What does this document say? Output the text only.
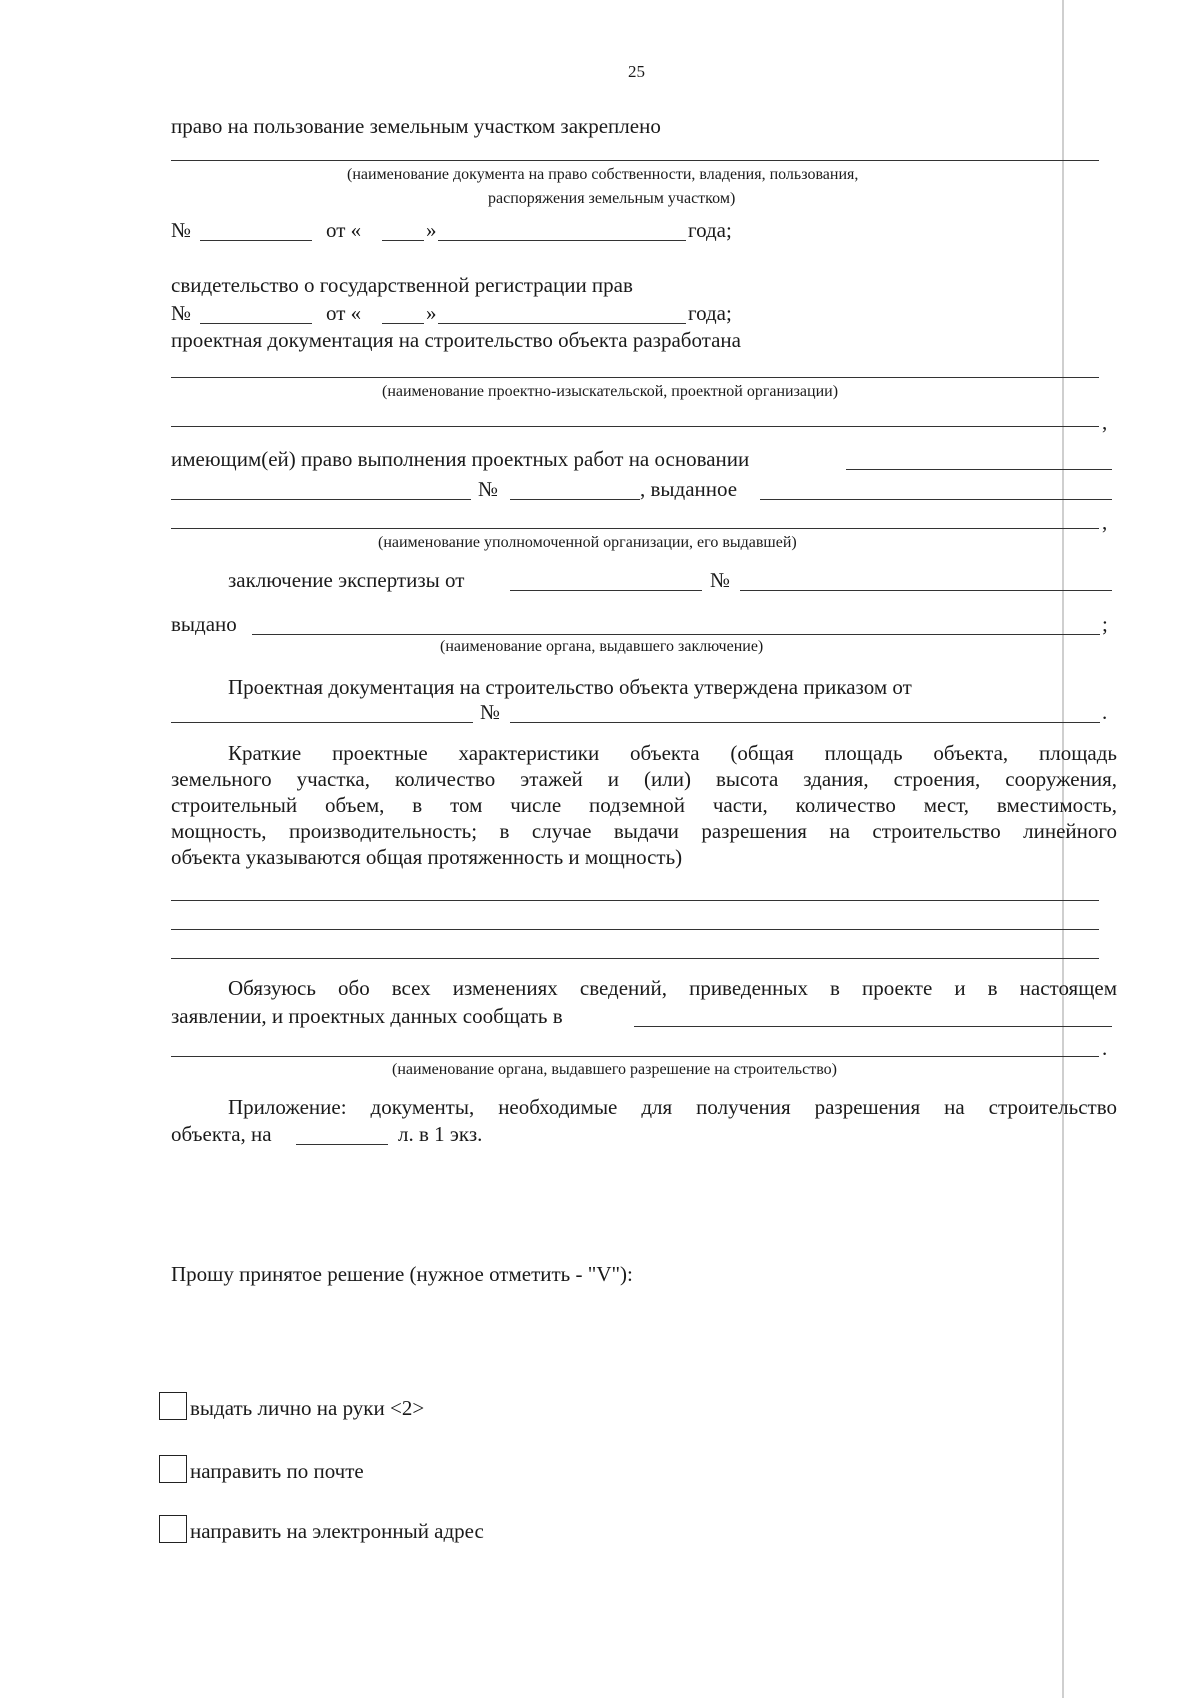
25
право на пользование земельным участком закреплено
(наименование документа на право собственности, владения, пользования,
распоряжения земельным участком)
№	от «	»	года;
свидетельство о государственной регистрации прав
№	от «	»	года;
проектная документация на строительство объекта разработана
(наименование проектно-изыскательской, проектной организации)
,
имеющим(ей) право выполнения проектных работ на основании
№	, выданное
,
(наименование уполномоченной организации, его выдавшей)
заключение экспертизы от	№
выдано	;
(наименование органа, выдавшего заключение)
Проектная документация на строительство объекта утверждена приказом от
№	.
Краткие проектные характеристики объекта (общая площадь объекта, площадь
земельного участка, количество этажей и (или) высота здания, строения, сооружения,
строительный объем, в том числе подземной части, количество мест, вместимость,
мощность, производительность; в случае выдачи разрешения на строительство линейного
объекта указываются общая протяженность и мощность)
Обязуюсь обо всех изменениях сведений, приведенных в проекте и в настоящем
заявлении, и проектных данных сообщать в
.
(наименование органа, выдавшего разрешение на строительство)
Приложение: документы, необходимые для получения разрешения на строительство
объекта, на	л. в 1 экз.
Прошу принятое решение (нужное отметить - "V"):
выдать лично на руки <2>
направить по почте
направить на электронный адрес
